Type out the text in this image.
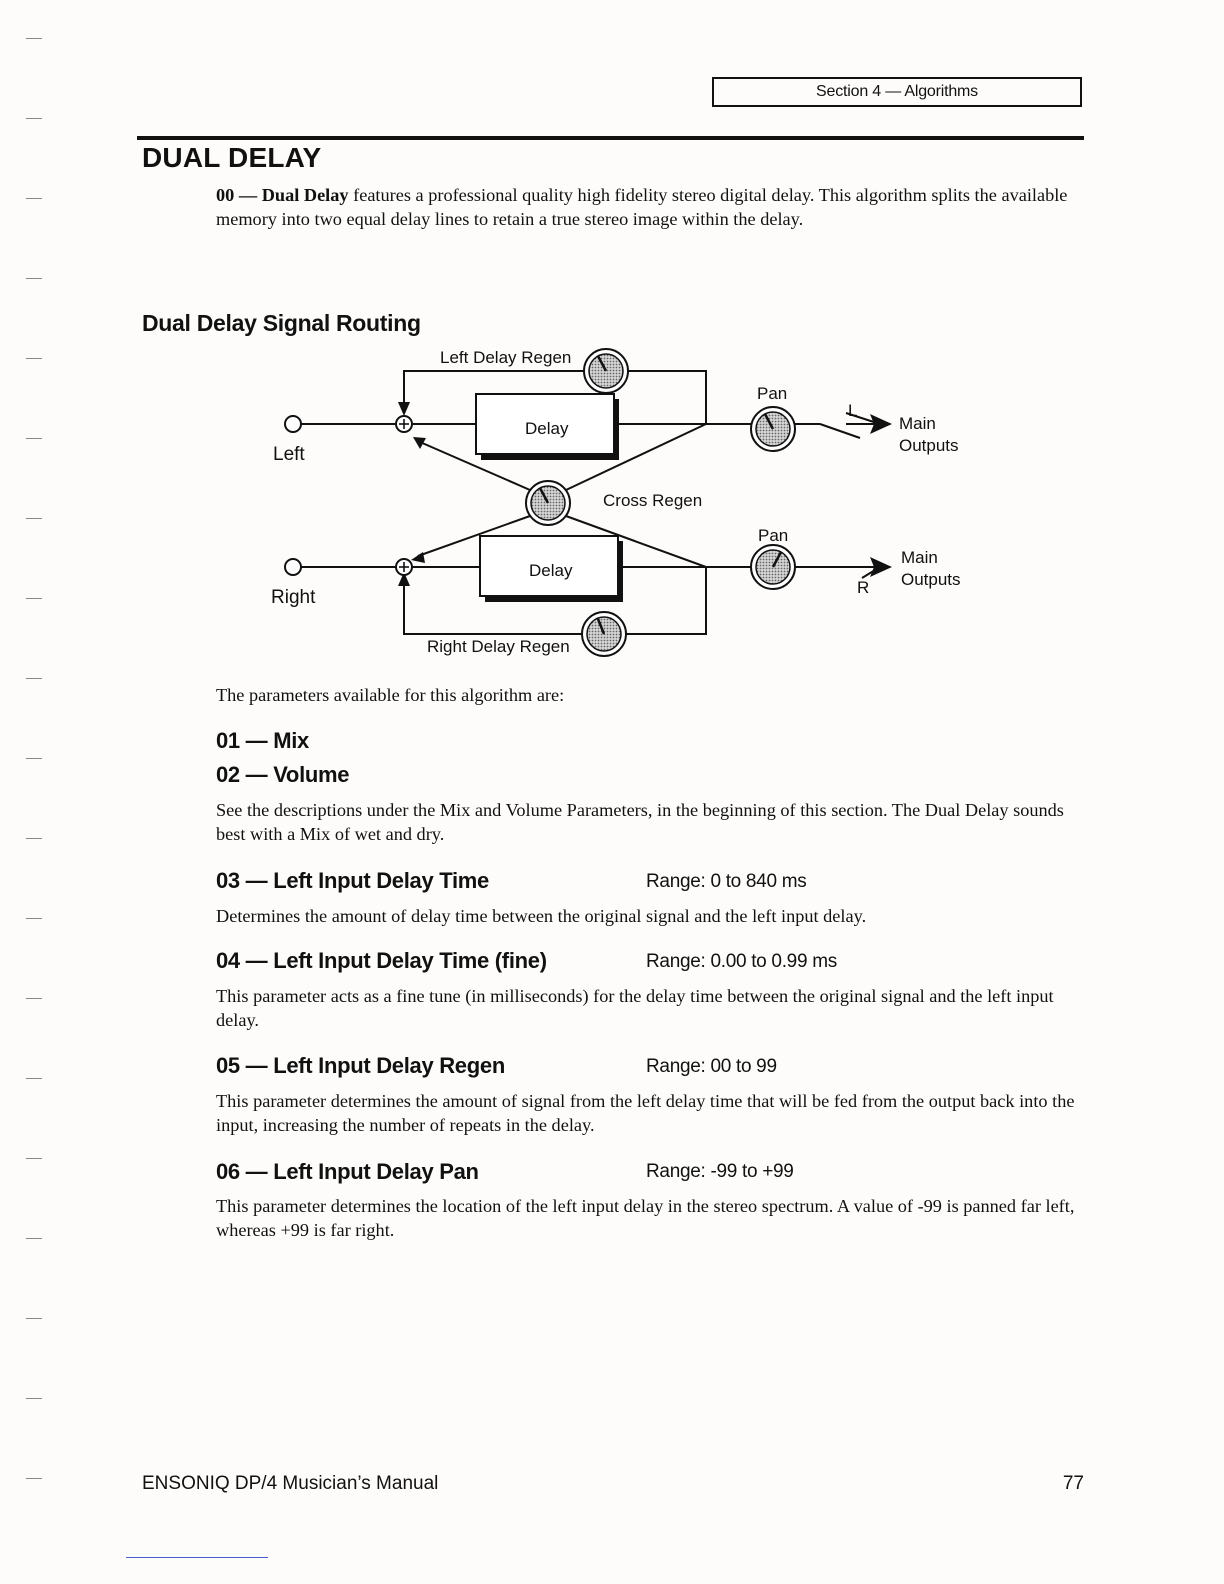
Section 4 — Algorithms
DUAL DELAY
00 — Dual Delay features a professional quality high fidelity stereo digital delay. This algorithm splits the available memory into two equal delay lines to retain a true stereo image within the delay.
Dual Delay Signal Routing
Left Delay Regen
Right Delay Regen
Delay
Delay
Cross Regen
Pan
Pan
Left
Right
L
R
Main
Outputs
Main
Outputs
The parameters available for this algorithm are:
01 — Mix
02 — Volume
See the descriptions under the Mix and Volume Parameters, in the beginning of this section. The Dual Delay sounds best with a Mix of wet and dry.
03 — Left Input Delay Time	Range: 0 to 840 ms
Determines the amount of delay time between the original signal and the left input delay.
04 — Left Input Delay Time (fine)	Range: 0.00 to 0.99 ms
This parameter acts as a fine tune (in milliseconds) for the delay time between the original signal and the left input delay.
05 — Left Input Delay Regen	Range: 00 to 99
This parameter determines the amount of signal from the left delay time that will be fed from the output back into the input, increasing the number of repeats in the delay.
06 — Left Input Delay Pan	Range: -99 to +99
This parameter determines the location of the left input delay in the stereo spectrum. A value of -99 is panned far left, whereas +99 is far right.
ENSONIQ DP/4 Musician’s Manual	77
